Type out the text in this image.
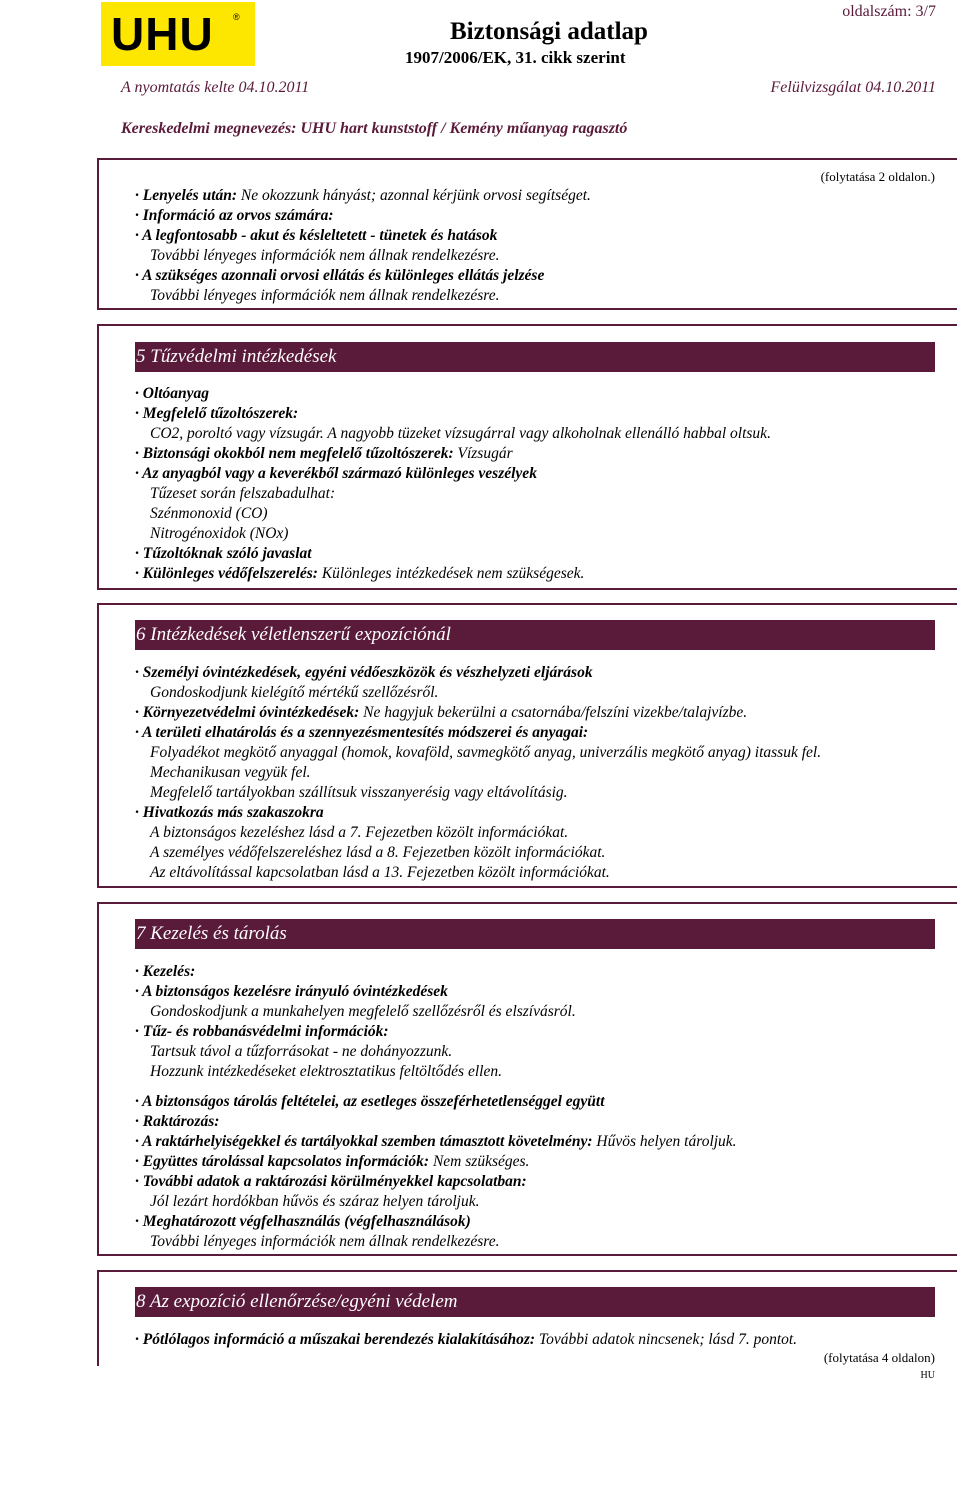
UHU ®
Biztonsági adatlap
1907/2006/EK, 31. cikk szerint
oldalszám: 3/7
A nyomtatás kelte 04.10.2011	Felülvizsgálat 04.10.2011
Kereskedelmi megnevezés: UHU hart kunststoff / Kemény műanyag ragasztó
(folytatása 2 oldalon.)
· Lenyelés után: Ne okozzunk hányást; azonnal kérjünk orvosi segítséget.
· Információ az orvos számára:
· A legfontosabb - akut és késleltetett - tünetek és hatások
További lényeges információk nem állnak rendelkezésre.
· A szükséges azonnali orvosi ellátás és különleges ellátás jelzése
További lényeges információk nem állnak rendelkezésre.
5 Tűzvédelmi intézkedések
· Oltóanyag
· Megfelelő tűzoltószerek:
CO2, poroltó vagy vízsugár. A nagyobb tüzeket vízsugárral vagy alkoholnak ellenálló habbal oltsuk.
· Biztonsági okokból nem megfelelő tűzoltószerek: Vízsugár
· Az anyagból vagy a keverékből származó különleges veszélyek
Tűzeset során felszabadulhat:
Szénmonoxid (CO)
Nitrogénoxidok (NOx)
· Tűzoltóknak szóló javaslat
· Különleges védőfelszerelés: Különleges intézkedések nem szükségesek.
6 Intézkedések véletlenszerű expozíciónál
· Személyi óvintézkedések, egyéni védőeszközök és vészhelyzeti eljárások
Gondoskodjunk kielégítő mértékű szellőzésről.
· Környezetvédelmi óvintézkedések: Ne hagyjuk bekerülni a csatornába/felszíni vizekbe/talajvízbe.
· A területi elhatárolás és a szennyezésmentesítés módszerei és anyagai:
Folyadékot megkötő anyaggal (homok, kovaföld, savmegkötő anyag, univerzális megkötő anyag) itassuk fel.
Mechanikusan vegyük fel.
Megfelelő tartályokban szállítsuk visszanyerésig vagy eltávolításig.
· Hivatkozás más szakaszokra
A biztonságos kezeléshez lásd a 7. Fejezetben közölt információkat.
A személyes védőfelszereléshez lásd a 8. Fejezetben közölt információkat.
Az eltávolítással kapcsolatban lásd a 13. Fejezetben közölt információkat.
7 Kezelés és tárolás
· Kezelés:
· A biztonságos kezelésre irányuló óvintézkedések
Gondoskodjunk a munkahelyen megfelelő szellőzésről és elszívásról.
· Tűz- és robbanásvédelmi információk:
Tartsuk távol a tűzforrásokat - ne dohányozzunk.
Hozzunk intézkedéseket elektrosztatikus feltöltődés ellen.
· A biztonságos tárolás feltételei, az esetleges összeférhetetlenséggel együtt
· Raktározás:
· A raktárhelyiségekkel és tartályokkal szemben támasztott követelmény: Hűvös helyen tároljuk.
· Együttes tárolással kapcsolatos információk: Nem szükséges.
· További adatok a raktározási körülményekkel kapcsolatban:
Jól lezárt hordókban hűvös és száraz helyen tároljuk.
· Meghatározott végfelhasználás (végfelhasználások)
További lényeges információk nem állnak rendelkezésre.
8 Az expozíció ellenőrzése/egyéni védelem
· Pótlólagos információ a műszakai berendezés kialakításához: További adatok nincsenek; lásd 7. pontot.
(folytatása 4 oldalon)
HU
